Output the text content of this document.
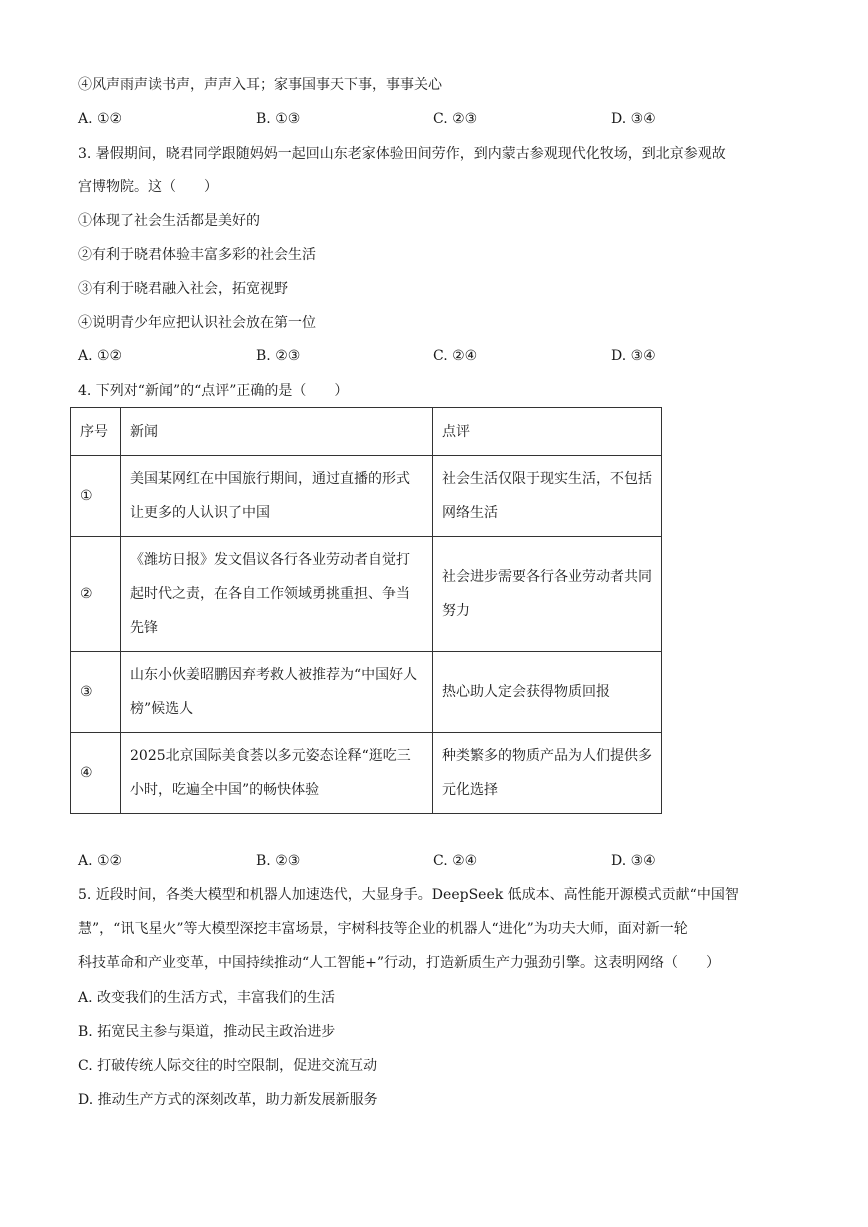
④风声雨声读书声，声声入耳；家事国事天下事，事事关心
A. ①②	B. ①③	C. ②③	D. ③④
3. 暑假期间，晓君同学跟随妈妈一起回山东老家体验田间劳作，到内蒙古参观现代化牧场，到北京参观故
宫博物院。这（　　）
①体现了社会生活都是美好的
②有利于晓君体验丰富多彩的社会生活
③有利于晓君融入社会，拓宽视野
④说明青少年应把认识社会放在第一位
A. ①②	B. ②③	C. ②④	D. ③④
4. 下列对“新闻”的“点评”正确的是（　　）
序号	新闻	点评
①	美国某网红在中国旅行期间，通过直播的形式让更多的人认识了中国	社会生活仅限于现实生活，不包括网络生活
②	《潍坊日报》发文倡议各行各业劳动者自觉打起时代之责，在各自工作领域勇挑重担、争当先锋	社会进步需要各行各业劳动者共同努力
③	山东小伙姜昭鹏因弃考救人被推荐为“中国好人榜”候选人	热心助人定会获得物质回报
④	2025北京国际美食荟以多元姿态诠释“逛吃三小时，吃遍全中国”的畅快体验	种类繁多的物质产品为人们提供多元化选择
A. ①②	B. ②③	C. ②④	D. ③④
5. 近段时间，各类大模型和机器人加速迭代，大显身手。DeepSeek 低成本、高性能开源模式贡献“中国智
慧”，“讯飞星火”等大模型深挖丰富场景，宇树科技等企业的机器人“进化”为功夫大师，面对新一轮
科技革命和产业变革，中国持续推动“人工智能+”行动，打造新质生产力强劲引擎。这表明网络（　　）
A. 改变我们的生活方式，丰富我们的生活
B. 拓宽民主参与渠道，推动民主政治进步
C. 打破传统人际交往的时空限制，促进交流互动
D. 推动生产方式的深刻改革，助力新发展新服务
